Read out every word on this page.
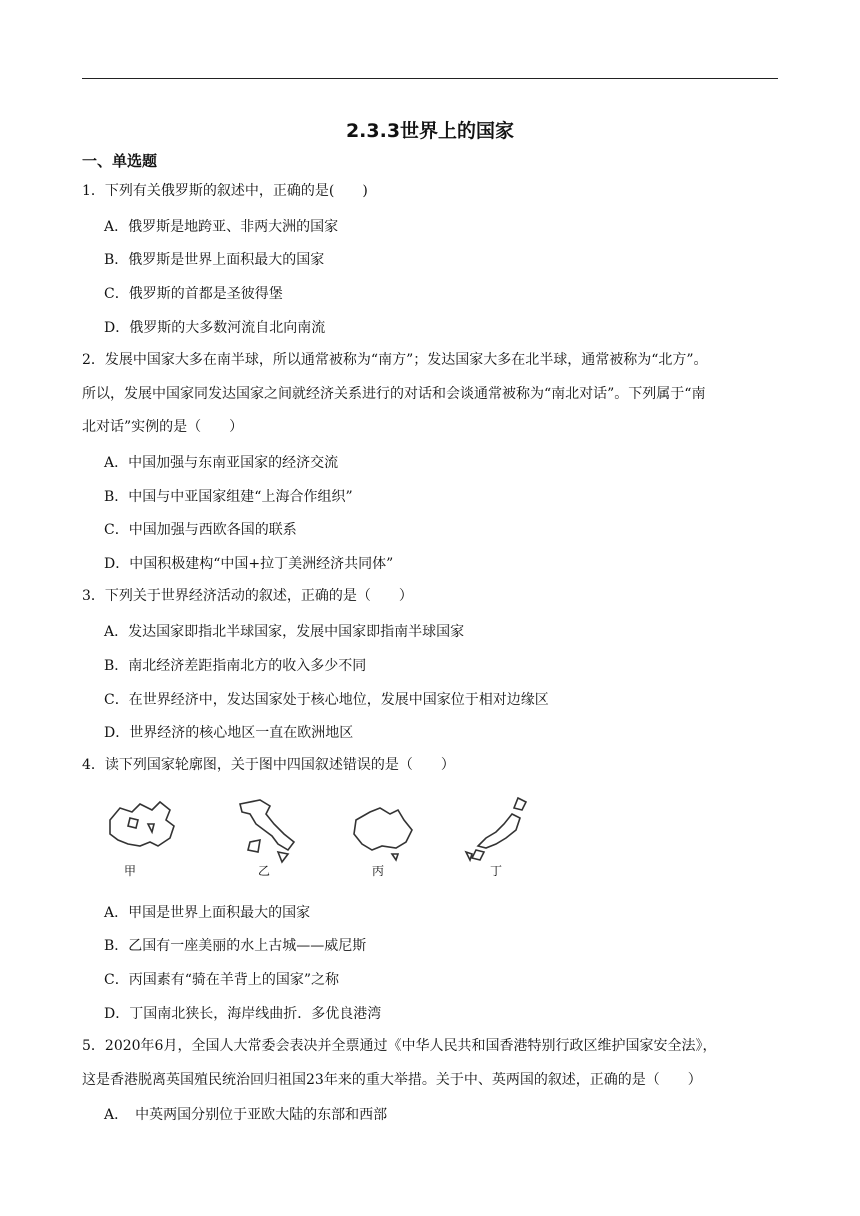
2.3.3世界上的国家
一、单选题
1．下列有关俄罗斯的叙述中，正确的是(　　)
A．俄罗斯是地跨亚、非两大洲的国家
B．俄罗斯是世界上面积最大的国家
C．俄罗斯的首都是圣彼得堡
D．俄罗斯的大多数河流自北向南流
2．发展中国家大多在南半球，所以通常被称为“南方”；发达国家大多在北半球，通常被称为“北方”。
所以，发展中国家同发达国家之间就经济关系进行的对话和会谈通常被称为“南北对话”。下列属于“南
北对话”实例的是（　　）
A．中国加强与东南亚国家的经济交流
B．中国与中亚国家组建“上海合作组织”
C．中国加强与西欧各国的联系
D．中国积极建构“中国+拉丁美洲经济共同体”
3．下列关于世界经济活动的叙述，正确的是（　　）
A．发达国家即指北半球国家，发展中国家即指南半球国家
B．南北经济差距指南北方的收入多少不同
C．在世界经济中，发达国家处于核心地位，发展中国家位于相对边缘区
D．世界经济的核心地区一直在欧洲地区
4．读下列国家轮廓图，关于图中四国叙述错误的是（　　）
甲	乙	丙	丁
A．甲国是世界上面积最大的国家
B．乙国有一座美丽的水上古城——威尼斯
C．丙国素有“骑在羊背上的国家”之称
D．丁国南北狭长，海岸线曲折．多优良港湾
5．2020年6月，全国人大常委会表决并全票通过《中华人民共和国香港特别行政区维护国家安全法》，
这是香港脱离英国殖民统治回归祖国23年来的重大举措。关于中、英两国的叙述，正确的是（　　）
A．　中英两国分别位于亚欧大陆的东部和西部
